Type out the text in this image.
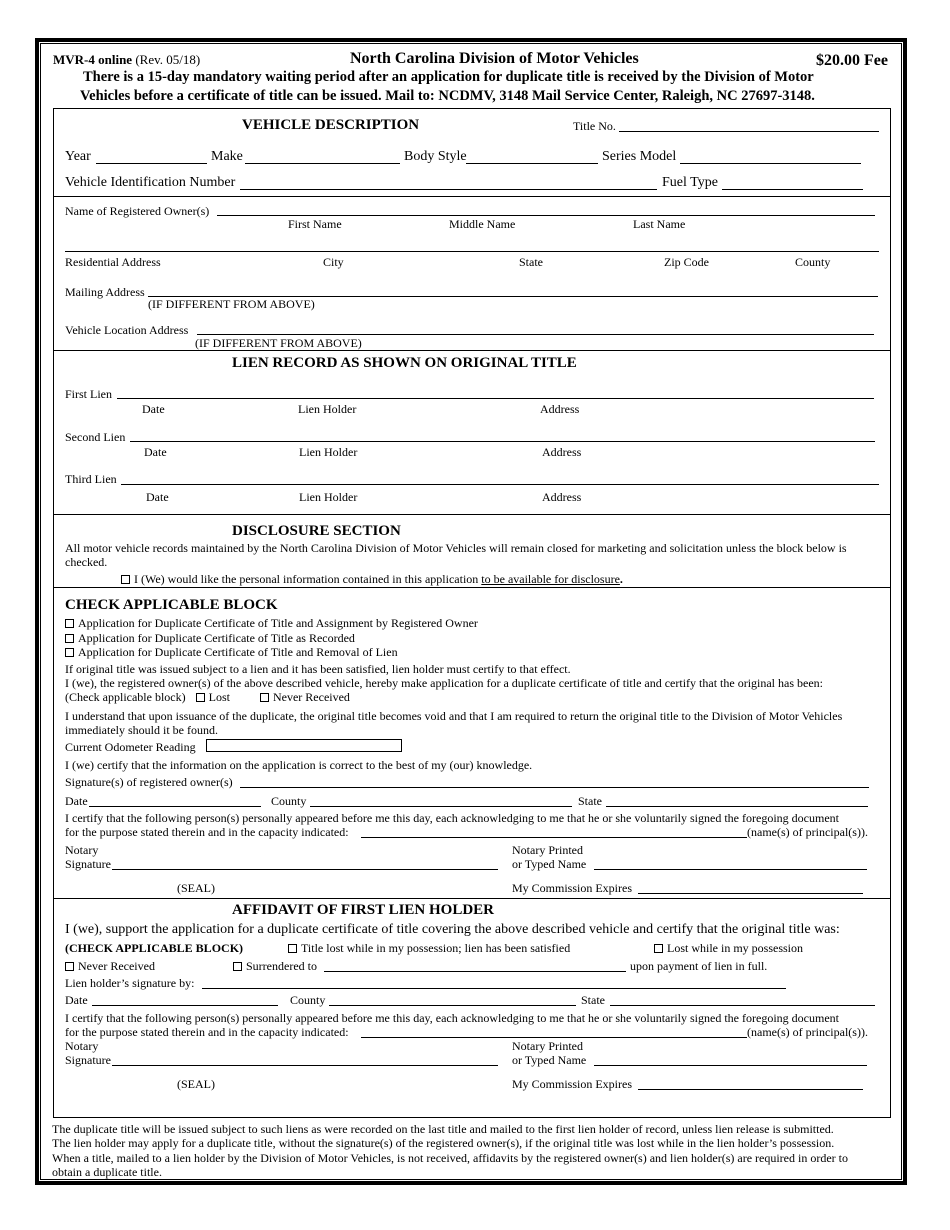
MVR-4 online (Rev. 05/18)	North Carolina Division of Motor Vehicles	$20.00 Fee
There is a 15-day mandatory waiting period after an application for duplicate title is received by the Division of Motor
Vehicles before a certificate of title can be issued. Mail to: NCDMV, 3148 Mail Service Center, Raleigh, NC 27697-3148.
VEHICLE DESCRIPTION	Title No.
Year	Make	Body Style	Series Model
Vehicle Identification Number	Fuel Type
Name of Registered Owner(s)
First Name	Middle Name	Last Name
Residential Address	City	State	Zip Code	County
Mailing Address
(IF DIFFERENT FROM ABOVE)
Vehicle Location Address
(IF DIFFERENT FROM ABOVE)
LIEN RECORD AS SHOWN ON ORIGINAL TITLE
First Lien
Date	Lien Holder	Address
Second Lien
Date	Lien Holder	Address
Third Lien
Date	Lien Holder	Address
DISCLOSURE SECTION
All motor vehicle records maintained by the North Carolina Division of Motor Vehicles will remain closed for marketing and solicitation unless the block below is
checked.
I (We) would like the personal information contained in this application to be available for disclosure.
CHECK APPLICABLE BLOCK
Application for Duplicate Certificate of Title and Assignment by Registered Owner
Application for Duplicate Certificate of Title as Recorded
Application for Duplicate Certificate of Title and Removal of Lien
If original title was issued subject to a lien and it has been satisfied, lien holder must certify to that effect.
I (we), the registered owner(s) of the above described vehicle, hereby make application for a duplicate certificate of title and certify that the original has been:
(Check applicable block) Lost	Never Received
I understand that upon issuance of the duplicate, the original title becomes void and that I am required to return the original title to the Division of Motor Vehicles
immediately should it be found.
Current Odometer Reading
I (we) certify that the information on the application is correct to the best of my (our) knowledge.
Signature(s) of registered owner(s)
Date	County	State
I certify that the following person(s) personally appeared before me this day, each acknowledging to me that he or she voluntarily signed the foregoing document
for the purpose stated therein and in the capacity indicated:	(name(s) of principal(s)).
Notary
Signature
Notary Printed
or Typed Name
(SEAL)	My Commission Expires
AFFIDAVIT OF FIRST LIEN HOLDER
I (we), support the application for a duplicate certificate of title covering the above described vehicle and certify that the original title was:
(CHECK APPLICABLE BLOCK)	Title lost while in my possession; lien has been satisfied	Lost while in my possession
Never Received	Surrendered to	upon payment of lien in full.
Lien holder’s signature by:
Date	County	State
I certify that the following person(s) personally appeared before me this day, each acknowledging to me that he or she voluntarily signed the foregoing document
for the purpose stated therein and in the capacity indicated:	(name(s) of principal(s)).
Notary
Signature
Notary Printed
or Typed Name
(SEAL)	My Commission Expires
The duplicate title will be issued subject to such liens as were recorded on the last title and mailed to the first lien holder of record, unless lien release is submitted.
The lien holder may apply for a duplicate title, without the signature(s) of the registered owner(s), if the original title was lost while in the lien holder’s possession.
When a title, mailed to a lien holder by the Division of Motor Vehicles, is not received, affidavits by the registered owner(s) and lien holder(s) are required in order to
obtain a duplicate title.
